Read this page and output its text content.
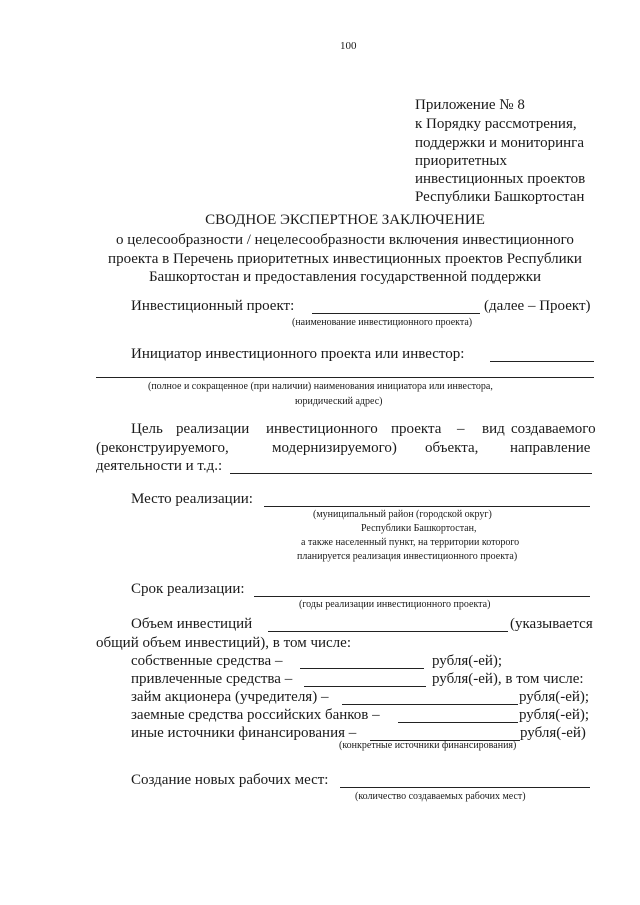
100
Приложение № 8
к Порядку рассмотрения,
поддержки и мониторинга
приоритетных
инвестиционных проектов
Республики Башкортостан
СВОДНОЕ ЭКСПЕРТНОЕ ЗАКЛЮЧЕНИЕ
о целесообразности / нецелесообразности включения инвестиционного
проекта в Перечень приоритетных инвестиционных проектов Республики
Башкортостан и предоставления государственной поддержки
Инвестиционный проект:	(далее – Проект)
(наименование инвестиционного проекта)
Инициатор инвестиционного проекта или инвестор:
(полное и сокращенное (при наличии) наименования инициатора или инвестора,
юридический адрес)
Цель реализации инвестиционного проекта – вид создаваемого
(реконструируемого,	модернизируемого) объекта, направление
деятельности и т.д.:
Место реализации:
(муниципальный район (городской округ)
Республики Башкортостан,
а также населенный пункт, на территории которого
планируется реализация инвестиционного проекта)
Срок реализации:
(годы реализации инвестиционного проекта)
Объем инвестиций	(указывается
общий объем инвестиций), в том числе:
собственные средства –	рубля(-ей);
привлеченные средства –	рубля(-ей), в том числе:
займ акционера (учредителя) –	рубля(-ей);
заемные средства российских банков –	рубля(-ей);
иные источники финансирования –	рубля(-ей)
(конкретные источники финансирования)
Создание новых рабочих мест:
(количество создаваемых рабочих мест)
